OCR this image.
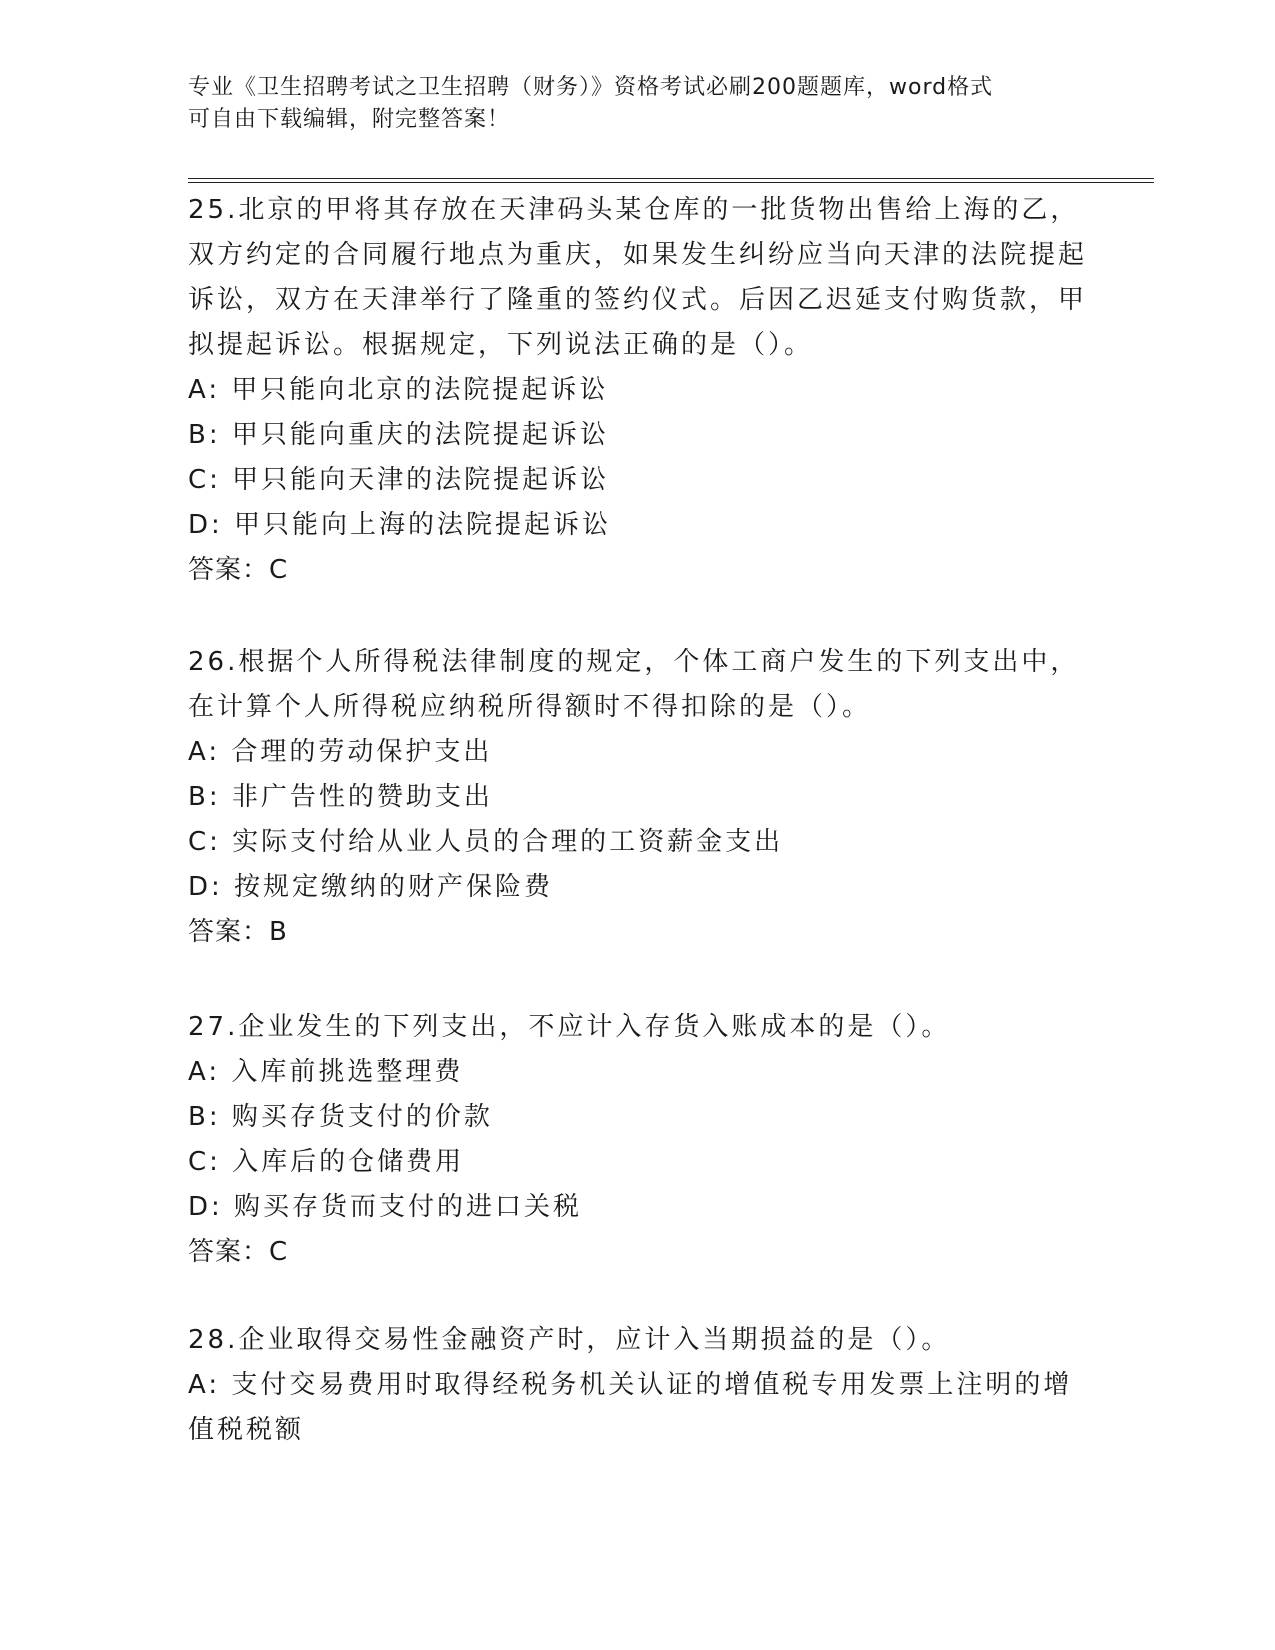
专业《卫生招聘考试之卫生招聘（财务）》资格考试必刷200题题库，word格式
可自由下载编辑，附完整答案！
25.北京的甲将其存放在天津码头某仓库的一批货物出售给上海的乙，双方约定的合同履行地点为重庆，如果发生纠纷应当向天津的法院提起诉讼，双方在天津举行了隆重的签约仪式。后因乙迟延支付购货款，甲拟提起诉讼。根据规定，下列说法正确的是（）。
A: 甲只能向北京的法院提起诉讼
B: 甲只能向重庆的法院提起诉讼
C: 甲只能向天津的法院提起诉讼
D: 甲只能向上海的法院提起诉讼
答案：C
26.根据个人所得税法律制度的规定，个体工商户发生的下列支出中，在计算个人所得税应纳税所得额时不得扣除的是（）。
A: 合理的劳动保护支出
B: 非广告性的赞助支出
C: 实际支付给从业人员的合理的工资薪金支出
D: 按规定缴纳的财产保险费
答案：B
27.企业发生的下列支出，不应计入存货入账成本的是（）。
A: 入库前挑选整理费
B: 购买存货支付的价款
C: 入库后的仓储费用
D: 购买存货而支付的进口关税
答案：C
28.企业取得交易性金融资产时，应计入当期损益的是（）。
A: 支付交易费用时取得经税务机关认证的增值税专用发票上注明的增值税税额
